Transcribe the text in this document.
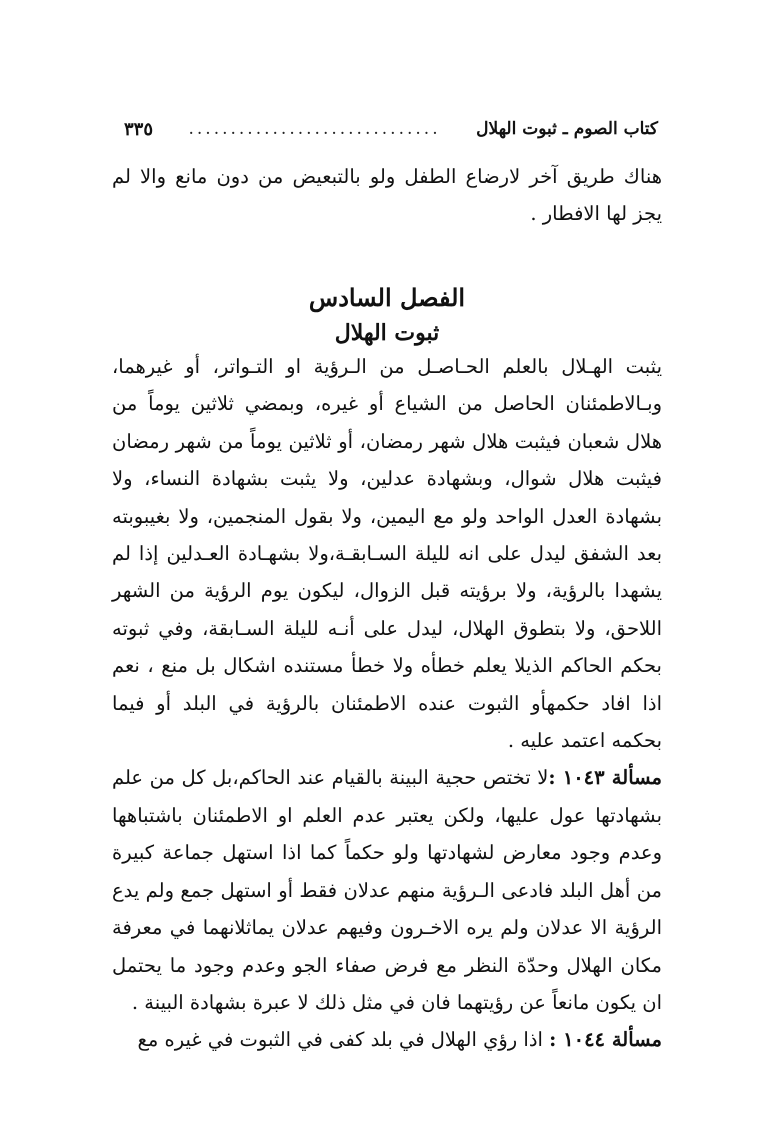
كتاب الصوم ـ ثبوت الهلال
..............................
٣٣٥

هناك طريق آخر لارضاع الطفل ولو بالتبعيض من دون مانع والا لم يجز لها الافطار .

الفصل السادس
ثبوت الهلال

يثبت الهـلال بالعلم الحـاصـل من الـرؤية او التـواتر، أو غيرهما، وبـالاطمئنان الحاصل من الشياع أو غيره، وبمضي ثلاثين يوماً من هلال شعبان فيثبت هلال شهر رمضان، أو ثلاثين يوماً من شهر رمضان فيثبت هلال شوال، وبشهادة عدلين، ولا يثبت بشهادة النساء، ولا بشهادة العدل الواحد ولو مع اليمين، ولا بقول المنجمين، ولا بغيبوبته بعد الشفق ليدل على انه لليلة السـابقـة،ولا بشهـادة العـدلين إذا لم يشهدا بالرؤية، ولا برؤيته قبل الزوال، ليكون يوم الرؤية من الشهر اللاحق، ولا بتطوق الهلال، ليدل على أنـه لليلة السـابقة، وفي ثبوته بحكم الحاكم الذيلا يعلم خطأه ولا خطأ مستنده اشكال بل منع ، نعم اذا افاد حكمهأو الثبوت عنده الاطمئنان بالرؤية في البلد أو فيما بحكمه اعتمد عليه .

مسألة ١٠٤٣ :لا تختص حجية البينة بالقيام عند الحاكم،بل كل من علم بشهادتها عول عليها، ولكن يعتبر عدم العلم او الاطمئنان باشتباهها وعدم وجود معارض لشهادتها ولو حكماً كما اذا استهل جماعة كبيرة من أهل البلد فادعى الـرؤية منهم عدلان فقط أو استهل جمع ولم يدع الرؤية الا عدلان ولم يره الاخـرون وفيهم عدلان يماثلانهما في معرفة مكان الهلال وحدّة النظر مع فرض صفاء الجو وعدم وجود ما يحتمل ان يكون مانعاً عن رؤيتهما فان في مثل ذلك لا عبرة بشهادة البينة .

مسألة ١٠٤٤ : اذا رؤي الهلال في بلد كفى في الثبوت في غيره مع
